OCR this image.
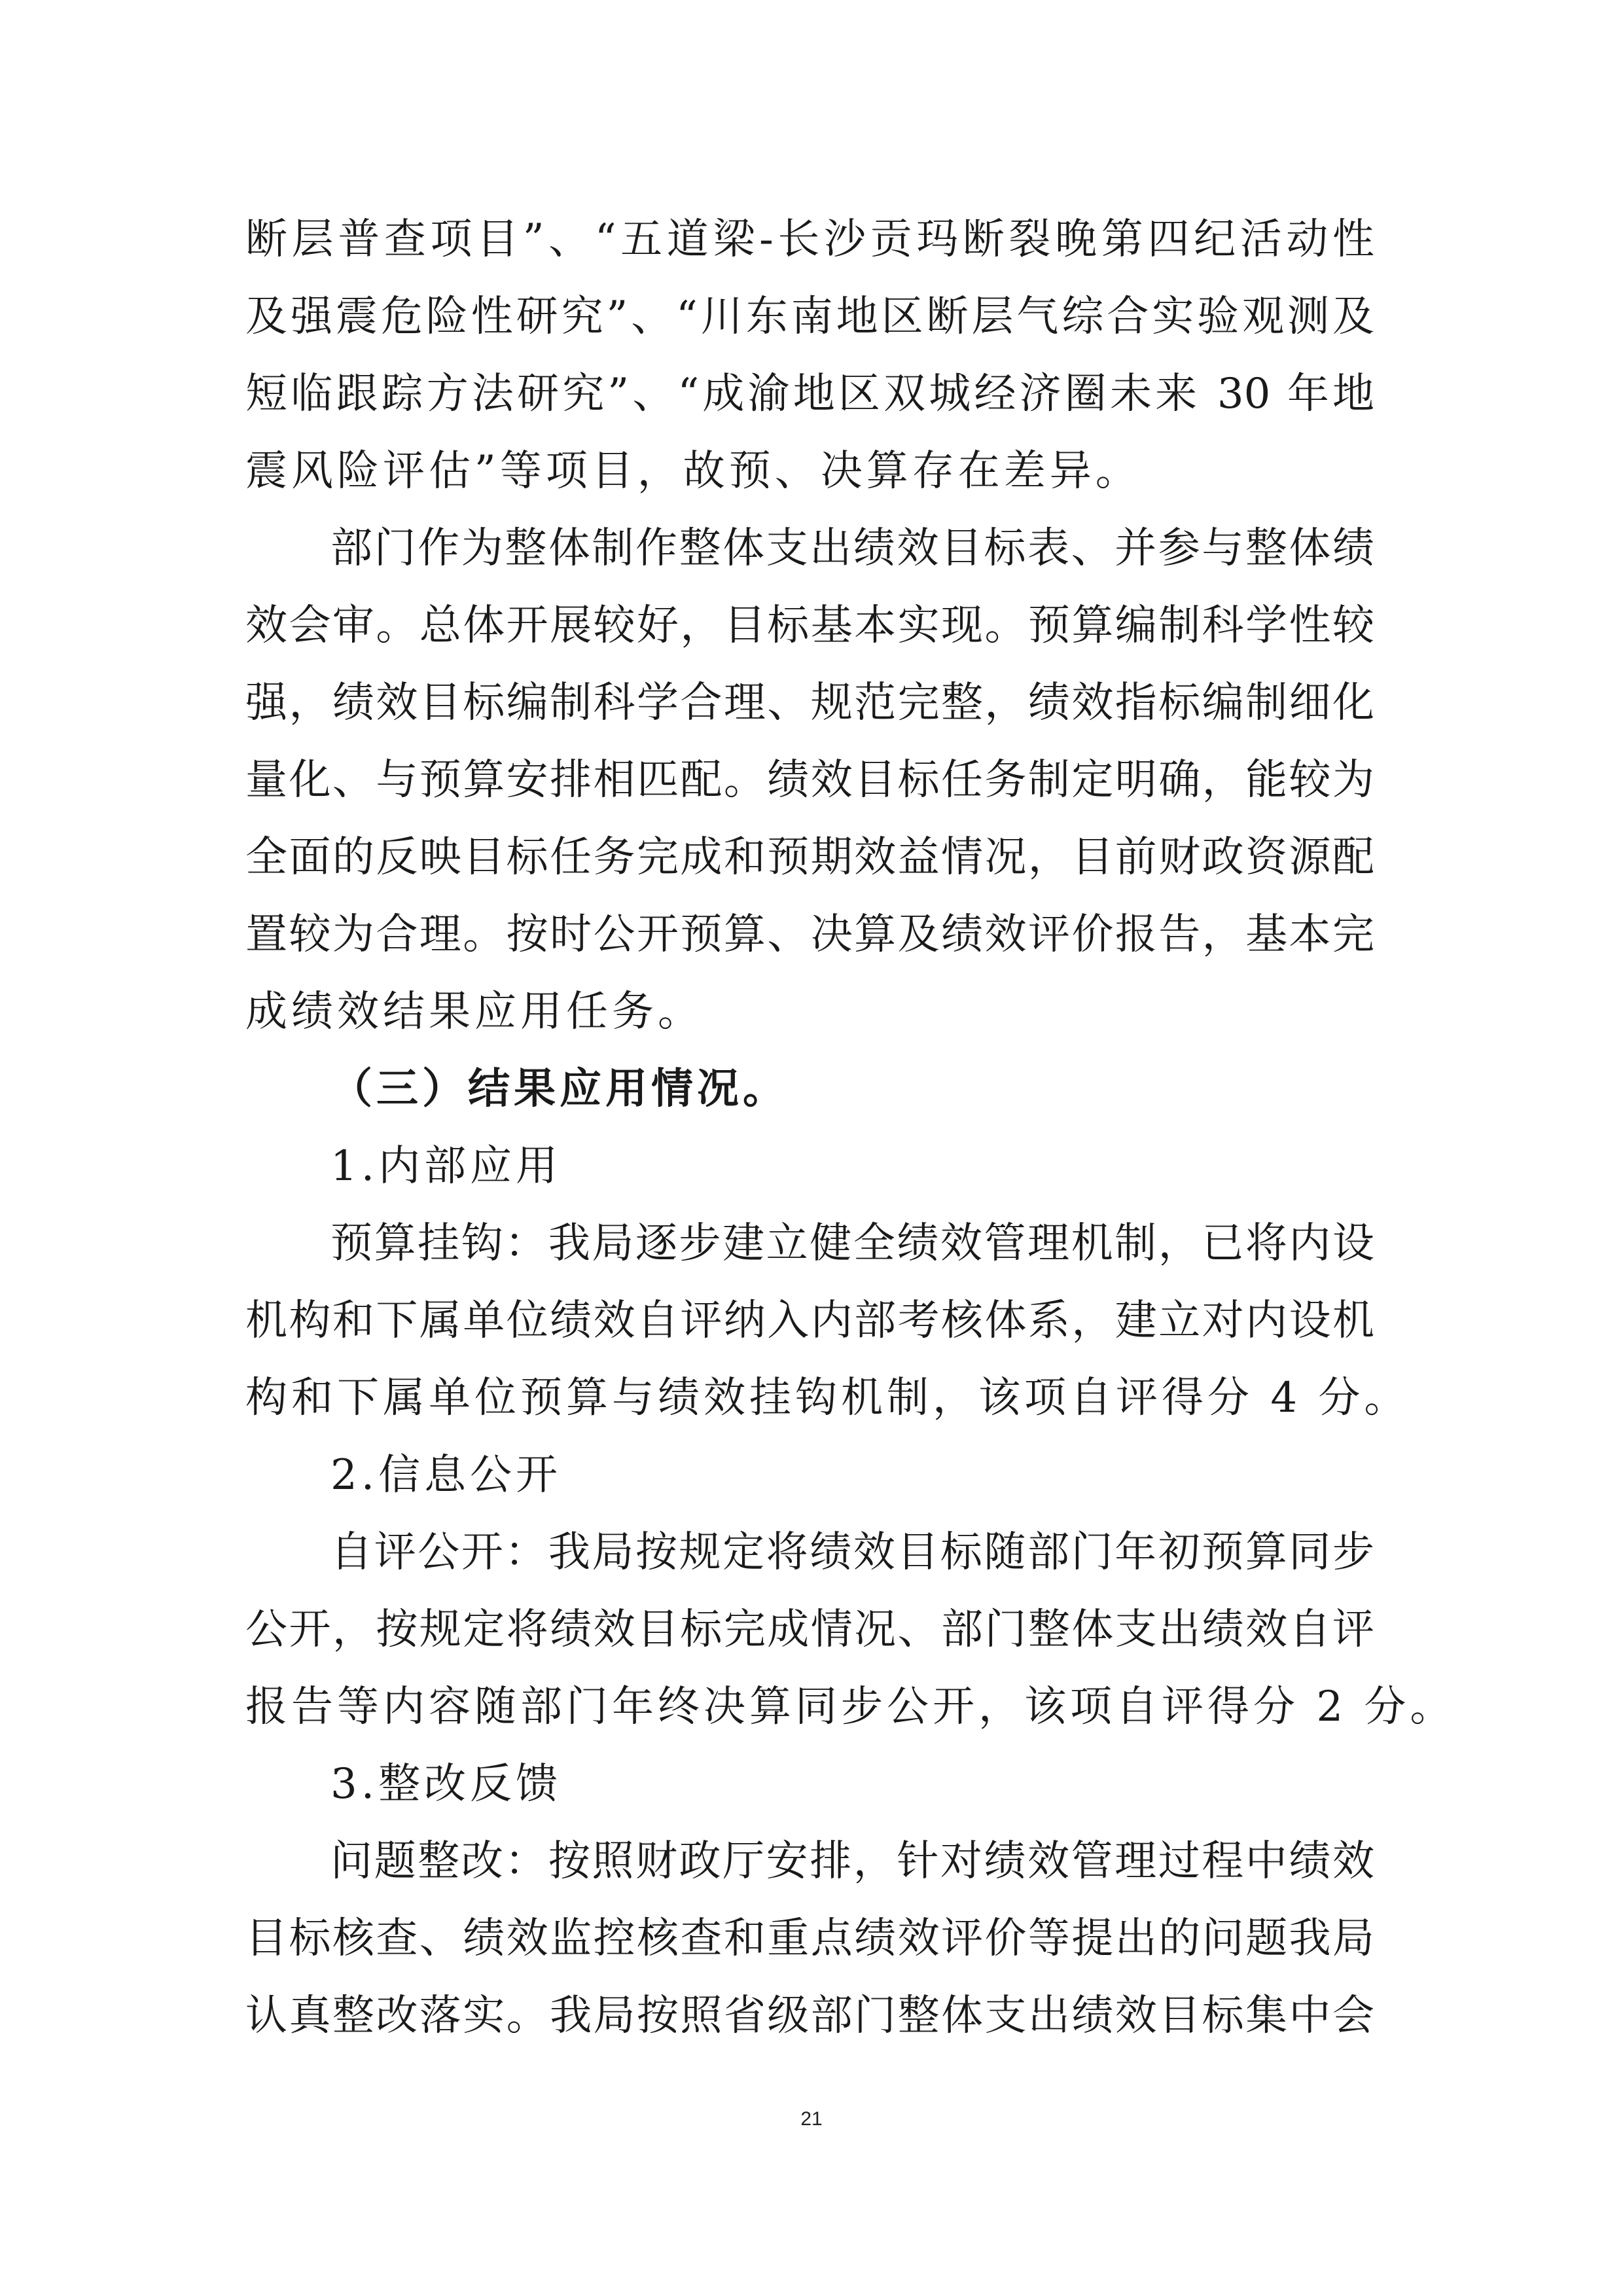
断层普查项目”、“五道梁-长沙贡玛断裂晚第四纪活动性
及强震危险性研究”、“川东南地区断层气综合实验观测及
短临跟踪方法研究”、“成渝地区双城经济圈未来 30 年地
震风险评估”等项目，故预、决算存在差异。
部门作为整体制作整体支出绩效目标表、并参与整体绩
效会审。总体开展较好，目标基本实现。预算编制科学性较
强，绩效目标编制科学合理、规范完整，绩效指标编制细化
量化、与预算安排相匹配。绩效目标任务制定明确，能较为
全面的反映目标任务完成和预期效益情况，目前财政资源配
置较为合理。按时公开预算、决算及绩效评价报告，基本完
成绩效结果应用任务。
（三）结果应用情况。
1.内部应用
预算挂钩：我局逐步建立健全绩效管理机制，已将内设
机构和下属单位绩效自评纳入内部考核体系，建立对内设机
构和下属单位预算与绩效挂钩机制，该项自评得分 4 分。
2.信息公开
自评公开：我局按规定将绩效目标随部门年初预算同步
公开，按规定将绩效目标完成情况、部门整体支出绩效自评
报告等内容随部门年终决算同步公开，该项自评得分 2 分。
3.整改反馈
问题整改：按照财政厅安排，针对绩效管理过程中绩效
目标核查、绩效监控核查和重点绩效评价等提出的问题我局
认真整改落实。我局按照省级部门整体支出绩效目标集中会
21
